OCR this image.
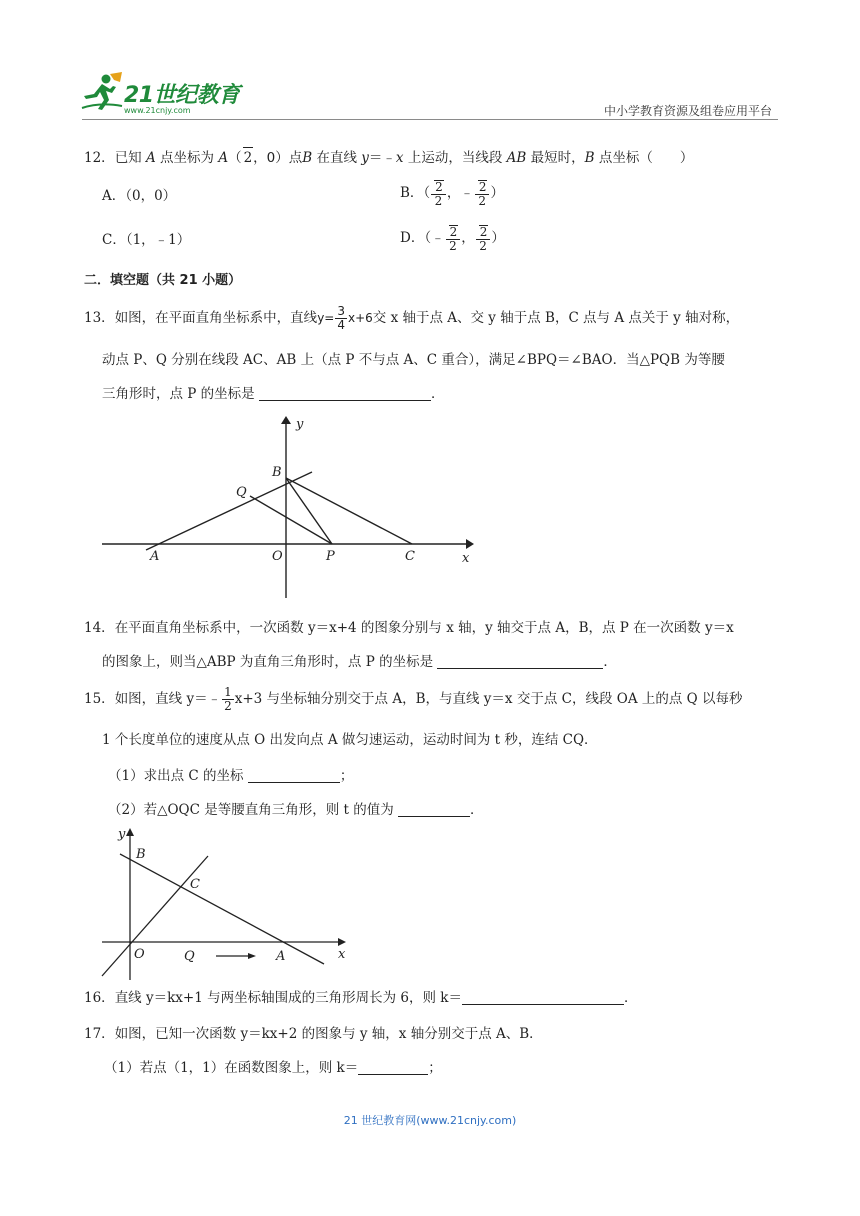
21世纪教育
www.21cnjy.com	中小学教育资源及组卷应用平台
12．已知 A 点坐标为 A（ 2，0）点B 在直线 y＝﹣x 上运动，当线段 AB 最短时，B 点坐标（　　）
A．（0，0）	B．（ $\frac{2}{2}$ ，﹣ $\frac{2}{2}$ ）
C．（1，﹣1）	D．（﹣ $\frac{2}{2}$ ， $\frac{2}{2}$ ）
二．填空题（共 21 小题）
13．如图，在平面直角坐标系中，直线$y= \frac{3}{4} x+6$交 x 轴于点 A、交 y 轴于点 B，C 点与 A 点关于 y 轴对称，
动点 P、Q 分别在线段 AC、AB 上（点 P 不与点 A、C 重合），满足∠BPQ＝∠BAO．当△PQB 为等腰
三角形时，点 P 的坐标是	．
y
x
B
Q
A	O	P	C
14．在平面直角坐标系中，一次函数 y＝x+4 的图象分别与 x 轴，y 轴交于点 A，B，点 P 在一次函数 y＝x
的图象上，则当△ABP 为直角三角形时，点 P 的坐标是	．
15．如图，直线 y＝﹣ $\frac{1}{2} x+3$ 与坐标轴分别交于点 A，B，与直线 y＝x 交于点 C，线段 OA 上的点 Q 以每秒
1 个长度单位的速度从点 O 出发向点 A 做匀速运动，运动时间为 t 秒，连结 CQ．
（1）求出点 C 的坐标	；
（2）若△OQC 是等腰直角三角形，则 t 的值为	．
y
x
B
C
O	Q	A
16．直线 y＝kx+1 与两坐标轴围成的三角形周长为 6，则 k＝	．
17．如图，已知一次函数 y＝kx+2 的图象与 y 轴，x 轴分别交于点 A、B．
（1）若点（1，1）在函数图象上，则 k＝	；
21 世纪教育网(www.21cnjy.com)
